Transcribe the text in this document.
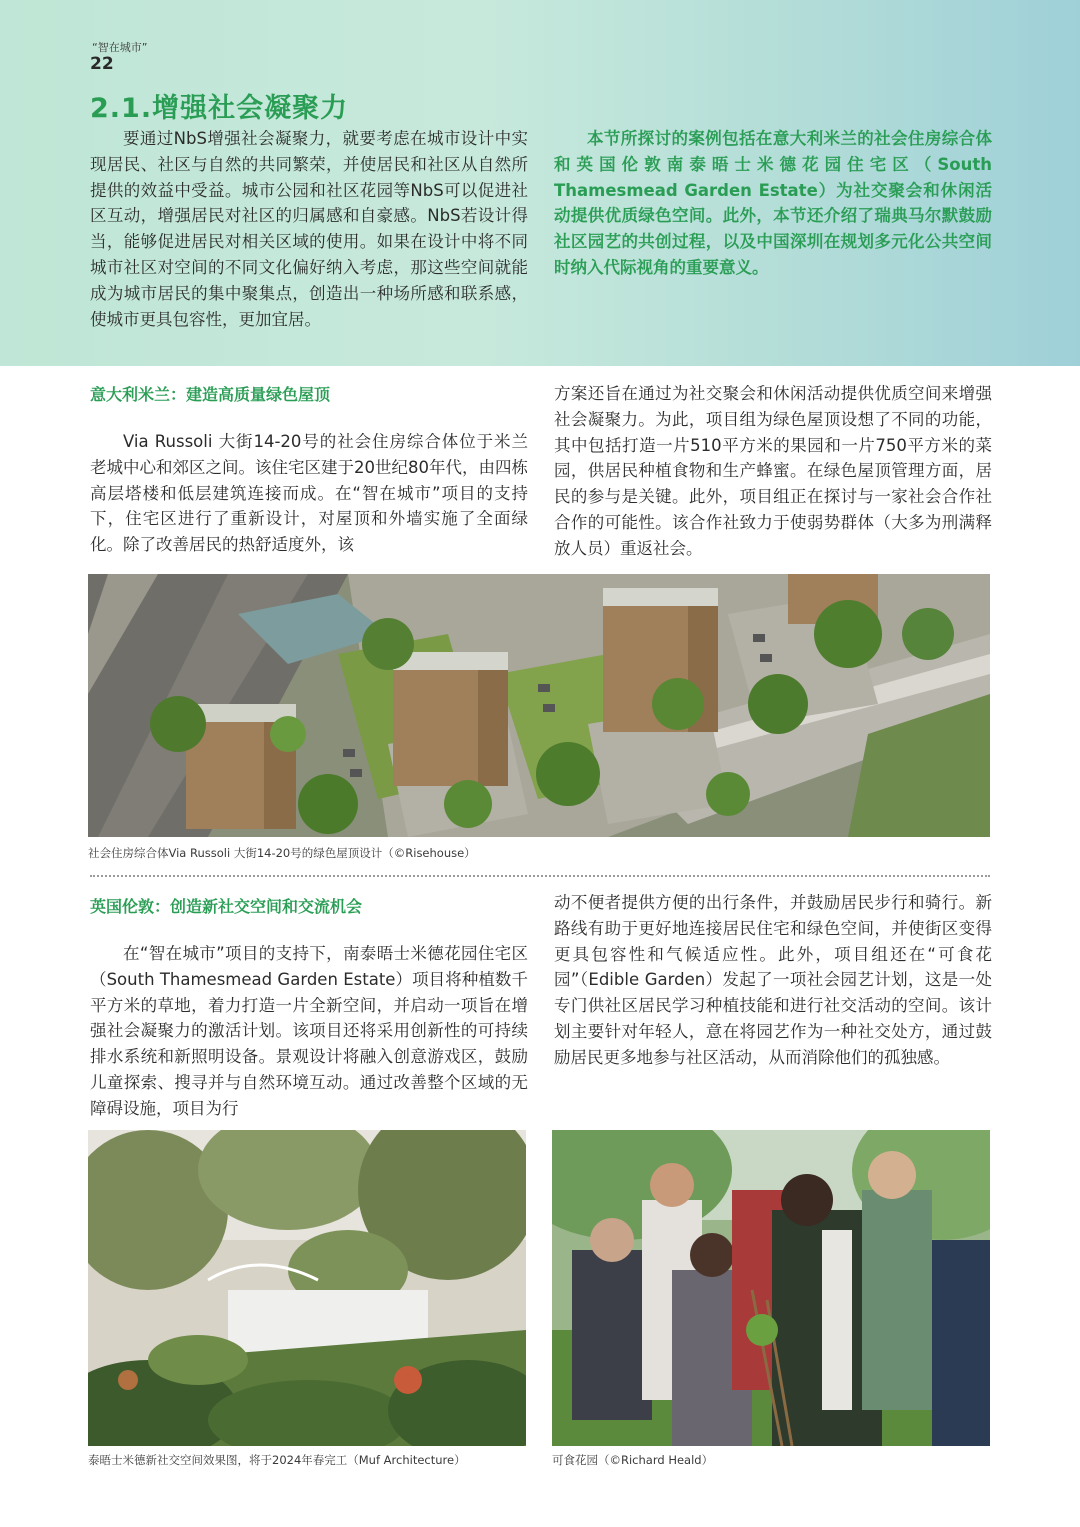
“智在城市”
22
2.1.增强社会凝聚力
要通过NbS增强社会凝聚力，就要考虑在城市设计中实现居民、社区与自然的共同繁荣，并使居民和社区从自然所提供的效益中受益。城市公园和社区花园等NbS可以促进社区互动，增强居民对社区的归属感和自豪感。NbS若设计得当，能够促进居民对相关区域的使用。如果在设计中将不同城市社区对空间的不同文化偏好纳入考虑，那这些空间就能成为城市居民的集中聚集点，创造出一种场所感和联系感，使城市更具包容性，更加宜居。
本节所探讨的案例包括在意大利米兰的社会住房综合体和英国伦敦南泰晤士米德花园住宅区（South Thamesmead Garden Estate）为社交聚会和休闲活动提供优质绿色空间。此外，本节还介绍了瑞典马尔默鼓励社区园艺的共创过程，以及中国深圳在规划多元化公共空间时纳入代际视角的重要意义。
意大利米兰：建造高质量绿色屋顶
Via Russoli 大街14-20号的社会住房综合体位于米兰老城中心和郊区之间。该住宅区建于20世纪80年代，由四栋高层塔楼和低层建筑连接而成。在“智在城市”项目的支持下，住宅区进行了重新设计，对屋顶和外墙实施了全面绿化。除了改善居民的热舒适度外，该
方案还旨在通过为社交聚会和休闲活动提供优质空间来增强社会凝聚力。为此，项目组为绿色屋顶设想了不同的功能，其中包括打造一片510平方米的果园和一片750平方米的菜园，供居民种植食物和生产蜂蜜。在绿色屋顶管理方面，居民的参与是关键。此外，项目组正在探讨与一家社会合作社合作的可能性。该合作社致力于使弱势群体（大多为刑满释放人员）重返社会。
社会住房综合体Via Russoli 大街14-20号的绿色屋顶设计（©Risehouse）
英国伦敦：创造新社交空间和交流机会
在“智在城市”项目的支持下，南泰晤士米德花园住宅区（South Thamesmead Garden Estate）项目将种植数千平方米的草地，着力打造一片全新空间，并启动一项旨在增强社会凝聚力的激活计划。该项目还将采用创新性的可持续排水系统和新照明设备。景观设计将融入创意游戏区，鼓励儿童探索、搜寻并与自然环境互动。通过改善整个区域的无障碍设施，项目为行
动不便者提供方便的出行条件，并鼓励居民步行和骑行。新路线有助于更好地连接居民住宅和绿色空间，并使街区变得更具包容性和气候适应性。此外，项目组还在“可食花园”（Edible Garden）发起了一项社会园艺计划，这是一处专门供社区居民学习种植技能和进行社交活动的空间。该计划主要针对年轻人，意在将园艺作为一种社交处方，通过鼓励居民更多地参与社区活动，从而消除他们的孤独感。
泰晤士米德新社交空间效果图，将于2024年春完工（Muf Architecture）	可食花园（©Richard Heald）
